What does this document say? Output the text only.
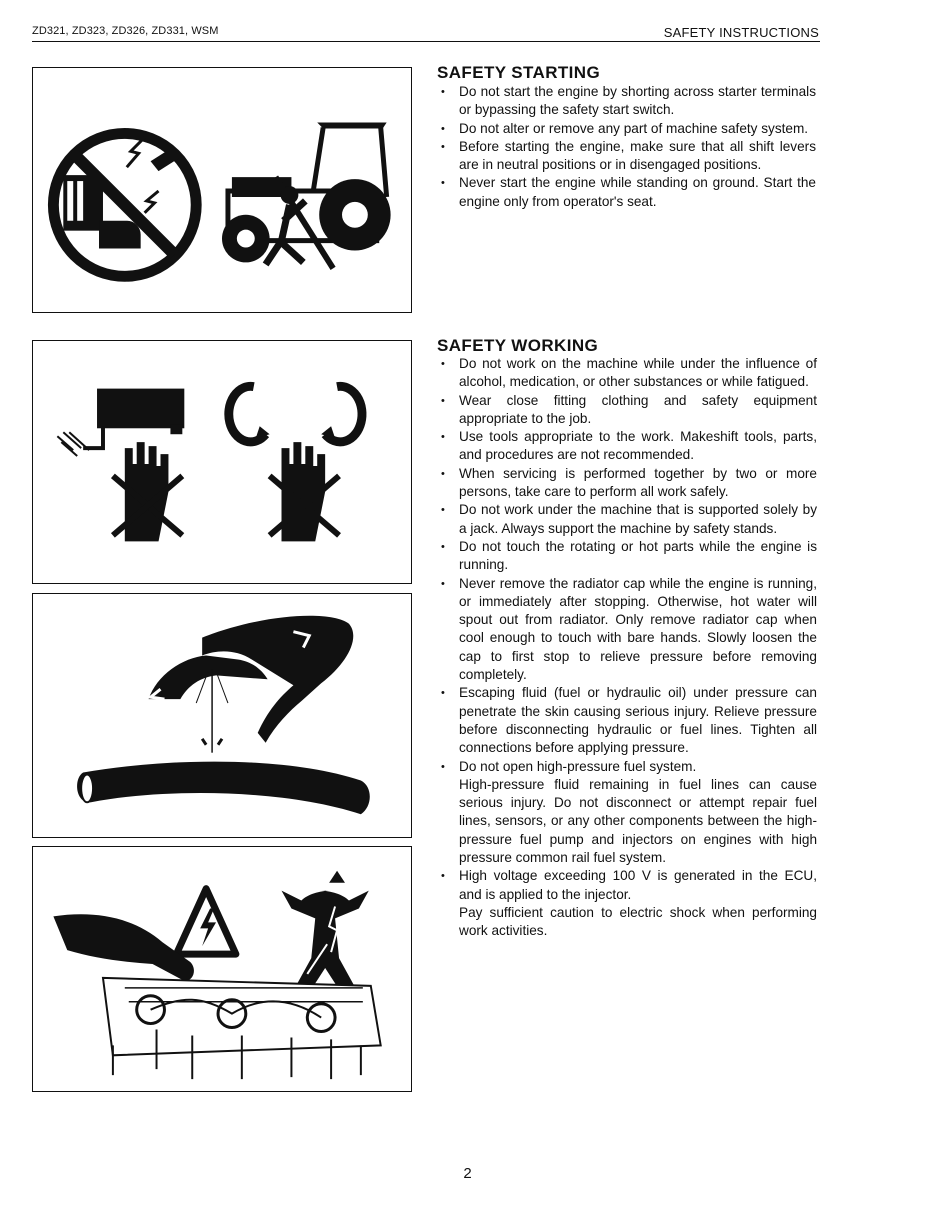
ZD321, ZD323, ZD326, ZD331, WSM	SAFETY INSTRUCTIONS
SAFETY STARTING
• Do not start the engine by shorting across starter terminals or bypassing the safety start switch.
• Do not alter or remove any part of machine safety system.
• Before starting the engine, make sure that all shift levers are in neutral positions or in disengaged positions.
• Never start the engine while standing on ground. Start the engine only from operator's seat.
SAFETY WORKING
• Do not work on the machine while under the influence of alcohol, medication, or other substances or while fatigued.
• Wear close fitting clothing and safety equipment appropriate to the job.
• Use tools appropriate to the work. Makeshift tools, parts, and procedures are not recommended.
• When servicing is performed together by two or more persons, take care to perform all work safely.
• Do not work under the machine that is supported solely by a jack. Always support the machine by safety stands.
• Do not touch the rotating or hot parts while the engine is running.
• Never remove the radiator cap while the engine is running, or immediately after stopping. Otherwise, hot water will spout out from radiator. Only remove radiator cap when cool enough to touch with bare hands. Slowly loosen the cap to first stop to relieve pressure before removing completely.
• Escaping fluid (fuel or hydraulic oil) under pressure can penetrate the skin causing serious injury. Relieve pressure before disconnecting hydraulic or fuel lines. Tighten all connections before applying pressure.
• Do not open high-pressure fuel system.
High-pressure fluid remaining in fuel lines can cause serious injury. Do not disconnect or attempt repair fuel lines, sensors, or any other components between the high-pressure fuel pump and injectors on engines with high pressure common rail fuel system.
• High voltage exceeding 100 V is generated in the ECU, and is applied to the injector.
Pay sufficient caution to electric shock when performing work activities.
2
